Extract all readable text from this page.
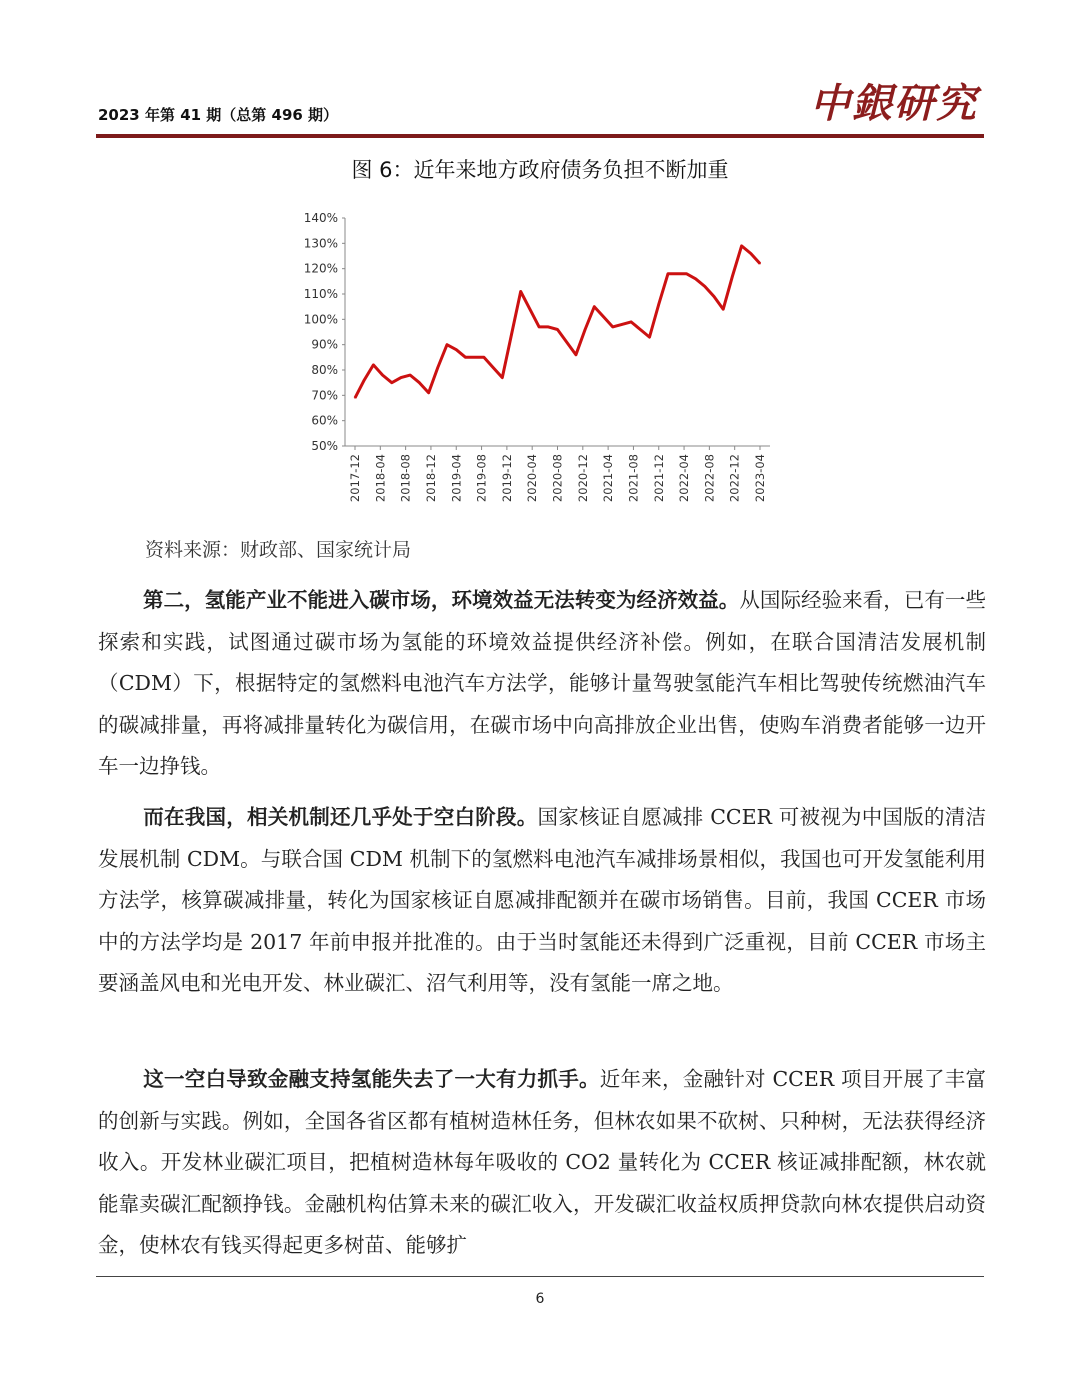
2023 年第 41 期（总第 496 期）	中銀研究
图 6：近年来地方政府债务负担不断加重
50%
60%
70%
80%
90%
100%
110%
120%
130%
140%
2017-12 2018-04 2018-08 2018-12 2019-04 2019-08 2019-12 2020-04 2020-08 2020-12 2021-04 2021-08 2021-12 2022-04 2022-08 2022-12 2023-04
资料来源：财政部、国家统计局

第二，氢能产业不能进入碳市场，环境效益无法转变为经济效益。从国际经验来看，已有一些探索和实践，试图通过碳市场为氢能的环境效益提供经济补偿。例如，在联合国清洁发展机制（CDM）下，根据特定的氢燃料电池汽车方法学，能够计量驾驶氢能汽车相比驾驶传统燃油汽车的碳减排量，再将减排量转化为碳信用，在碳市场中向高排放企业出售，使购车消费者能够一边开车一边挣钱。

而在我国，相关机制还几乎处于空白阶段。国家核证自愿减排 CCER 可被视为中国版的清洁发展机制 CDM。与联合国 CDM 机制下的氢燃料电池汽车减排场景相似，我国也可开发氢能利用方法学，核算碳减排量，转化为国家核证自愿减排配额并在碳市场销售。目前，我国 CCER 市场中的方法学均是 2017 年前申报并批准的。由于当时氢能还未得到广泛重视，目前 CCER 市场主要涵盖风电和光电开发、林业碳汇、沼气利用等，没有氢能一席之地。

这一空白导致金融支持氢能失去了一大有力抓手。近年来，金融针对 CCER 项目开展了丰富的创新与实践。例如，全国各省区都有植树造林任务，但林农如果不砍树、只种树，无法获得经济收入。开发林业碳汇项目，把植树造林每年吸收的 CO2 量转化为 CCER 核证减排配额，林农就能靠卖碳汇配额挣钱。金融机构估算未来的碳汇收入，开发碳汇收益权质押贷款向林农提供启动资金，使林农有钱买得起更多树苗、能够扩

6
